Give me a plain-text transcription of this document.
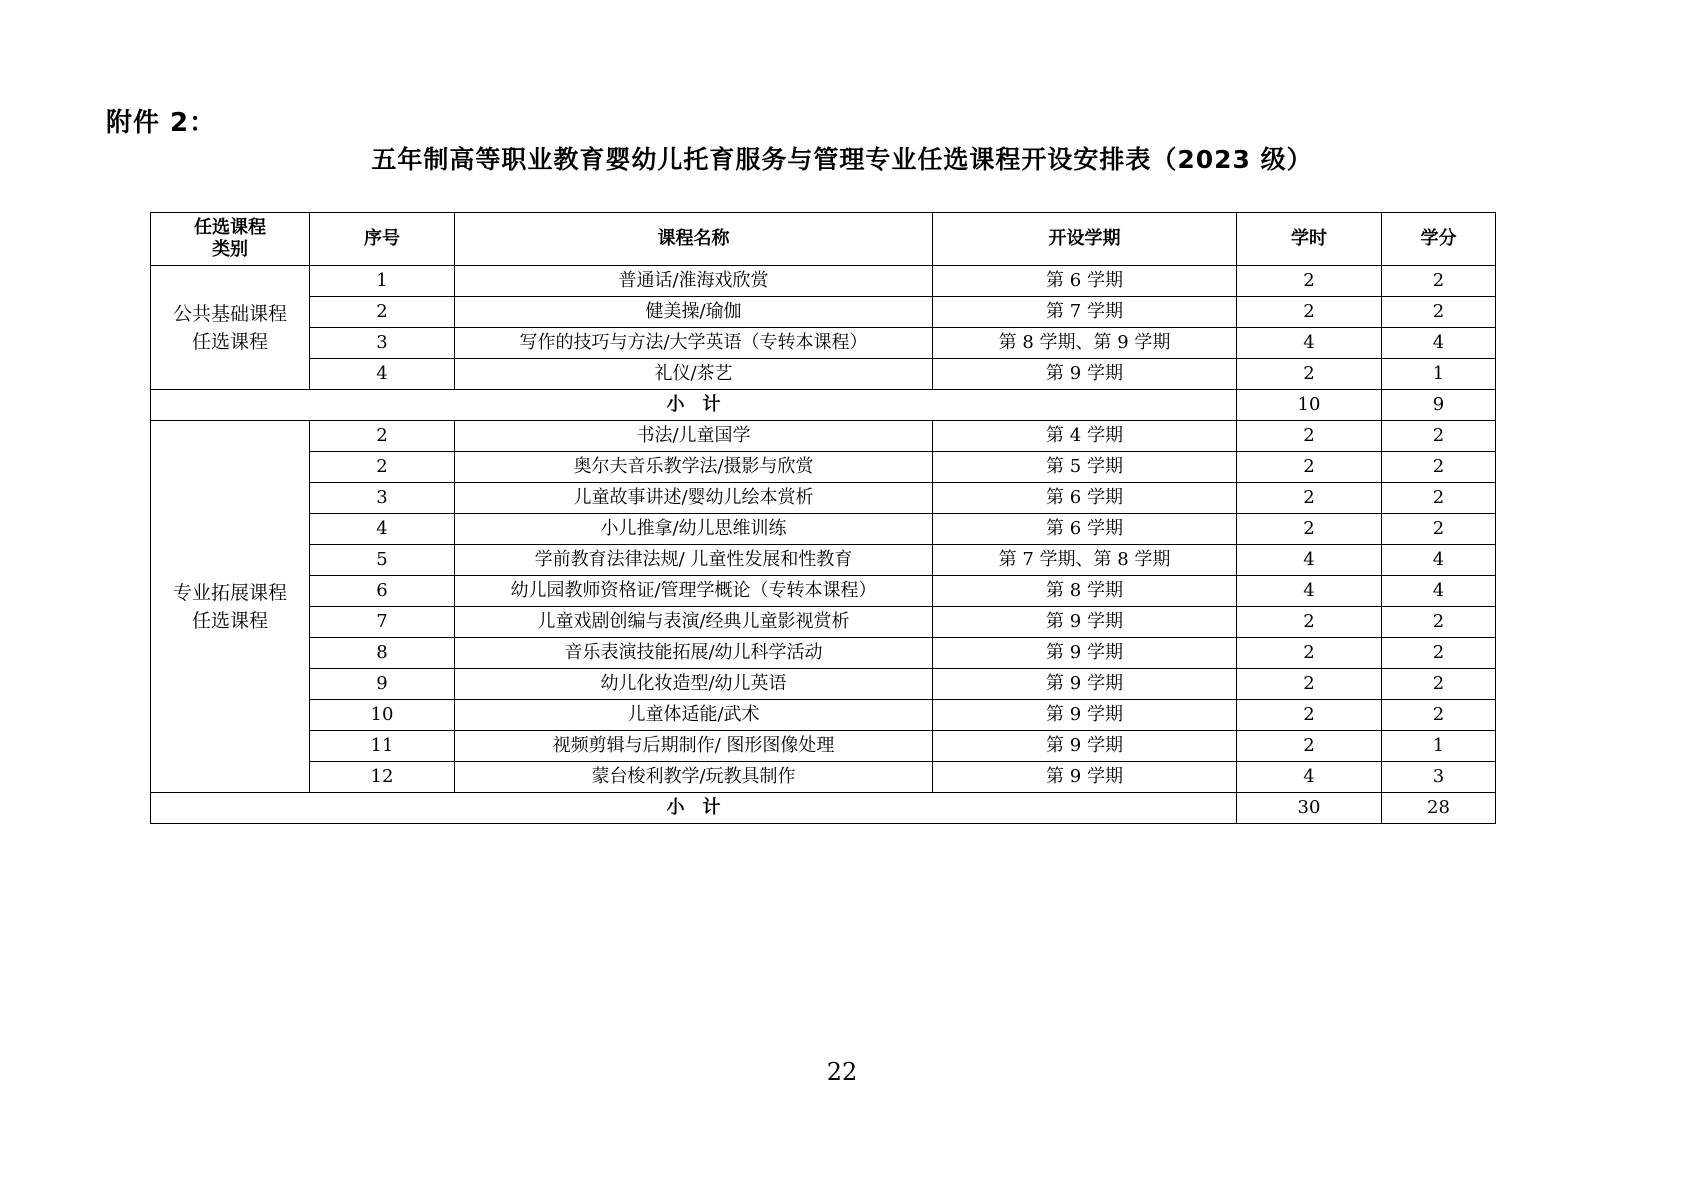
附件 2：
五年制高等职业教育婴幼儿托育服务与管理专业任选课程开设安排表（2023 级）
任选课程
类别	序号	课程名称	开设学期	学时	学分

公共基础课程
任选课程	1	普通话/淮海戏欣赏	第 6 学期	2	2
	2	健美操/瑜伽	第 7 学期	2	2
	3	写作的技巧与方法/大学英语（专转本课程）	第 8 学期、第 9 学期	4	4
	4	礼仪/茶艺	第 9 学期	2	1
小计				10	9

专业拓展课程
任选课程	2	书法/儿童国学	第 4 学期	2	2
	2	奥尔夫音乐教学法/摄影与欣赏	第 5 学期	2	2
	3	儿童故事讲述/婴幼儿绘本赏析	第 6 学期	2	2
	4	小儿推拿/幼儿思维训练	第 6 学期	2	2
	5	学前教育法律法规/ 儿童性发展和性教育	第 7 学期、第 8 学期	4	4
	6	幼儿园教师资格证/管理学概论（专转本课程）	第 8 学期	4	4
	7	儿童戏剧创编与表演/经典儿童影视赏析	第 9 学期	2	2
	8	音乐表演技能拓展/幼儿科学活动	第 9 学期	2	2
	9	幼儿化妆造型/幼儿英语	第 9 学期	2	2
	10	儿童体适能/武术	第 9 学期	2	2
	11	视频剪辑与后期制作/ 图形图像处理	第 9 学期	2	1
	12	蒙台梭利教学/玩教具制作	第 9 学期	4	3
小计				30	28
22
